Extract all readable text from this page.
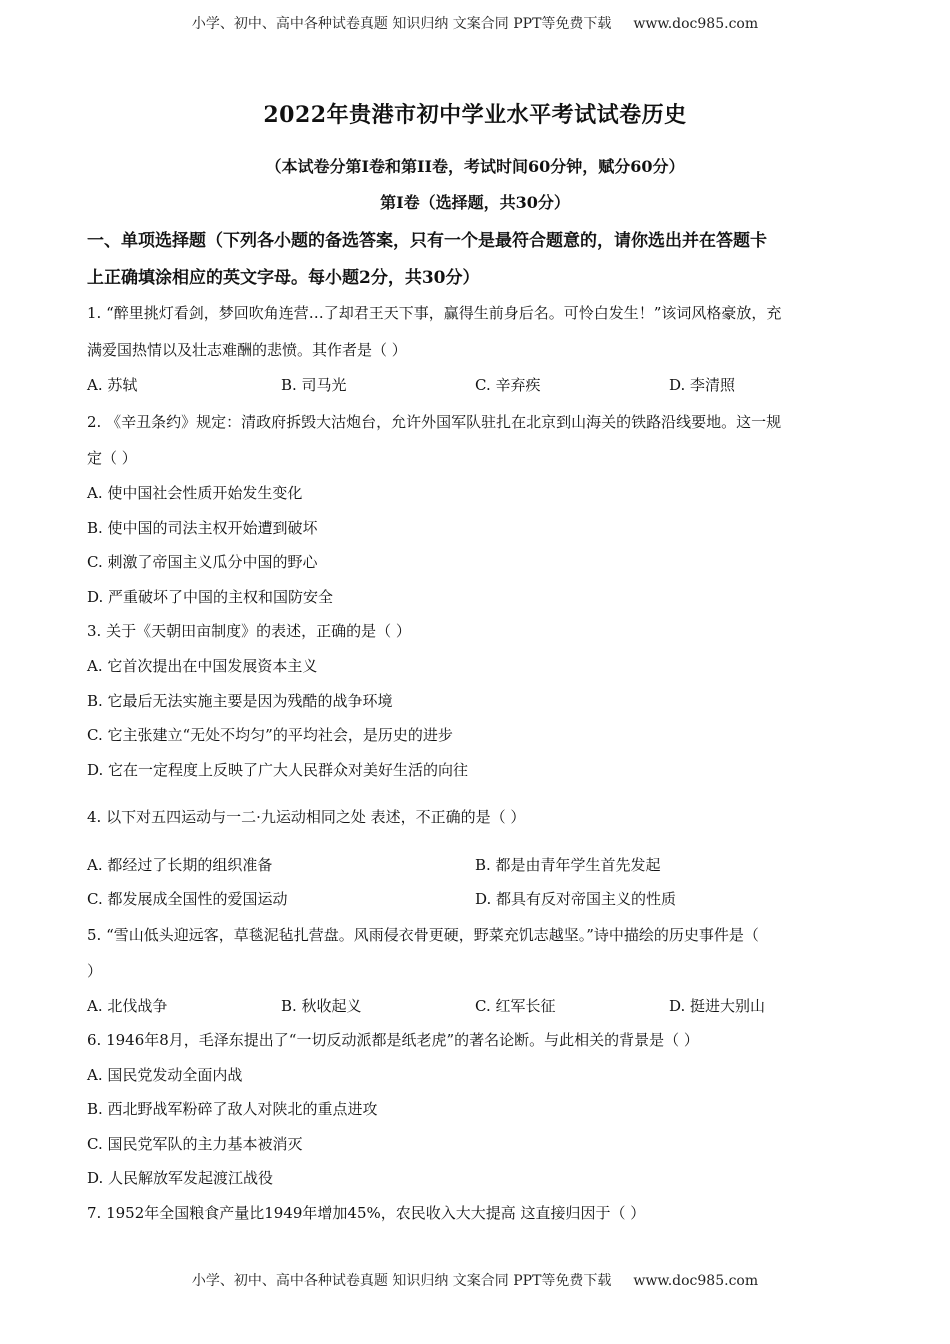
小学、初中、高中各种试卷真题 知识归纳 文案合同 PPT等免费下载 www.doc985.com
2022年贵港市初中学业水平考试试卷历史
（本试卷分第I卷和第II卷，考试时间60分钟，赋分60分）
第I卷（选择题，共30分）
一、单项选择题（下列各小题的备选答案，只有一个是最符合题意的，请你选出并在答题卡
上正确填涂相应的英文字母。每小题2分，共30分）
1. “醉里挑灯看剑，梦回吹角连营…了却君王天下事，赢得生前身后名。可怜白发生！”该词风格豪放，充
满爱国热情以及壮志难酬的悲愤。其作者是（ ）
A. 苏轼	B. 司马光	C. 辛弃疾	D. 李清照
2. 《辛丑条约》规定：清政府拆毁大沽炮台，允许外国军队驻扎在北京到山海关的铁路沿线要地。这一规
定（ ）
A. 使中国社会性质开始发生变化
B. 使中国的司法主权开始遭到破坏
C. 刺激了帝国主义瓜分中国的野心
D. 严重破坏了中国的主权和国防安全
3. 关于《天朝田亩制度》的表述，正确的是（ ）
A. 它首次提出在中国发展资本主义
B. 它最后无法实施主要是因为残酷的战争环境
C. 它主张建立“无处不均匀”的平均社会，是历史的进步
D. 它在一定程度上反映了广大人民群众对美好生活的向往
4. 以下对五四运动与一二·九运动相同之处 表述，不正确的是（ ）
A. 都经过了长期的组织准备	B. 都是由青年学生首先发起
C. 都发展成全国性的爱国运动	D. 都具有反对帝国主义的性质
5. “雪山低头迎远客，草毯泥毡扎营盘。风雨侵衣骨更硬，野菜充饥志越坚。”诗中描绘的历史事件是（
）
A. 北伐战争	B. 秋收起义	C. 红军长征	D. 挺进大别山
6. 1946年8月，毛泽东提出了“一切反动派都是纸老虎”的著名论断。与此相关的背景是（ ）
A. 国民党发动全面内战
B. 西北野战军粉碎了敌人对陕北的重点进攻
C. 国民党军队的主力基本被消灭
D. 人民解放军发起渡江战役
7. 1952年全国粮食产量比1949年增加45%，农民收入大大提高 这直接归因于（ ）
小学、初中、高中各种试卷真题 知识归纳 文案合同 PPT等免费下载 www.doc985.com
